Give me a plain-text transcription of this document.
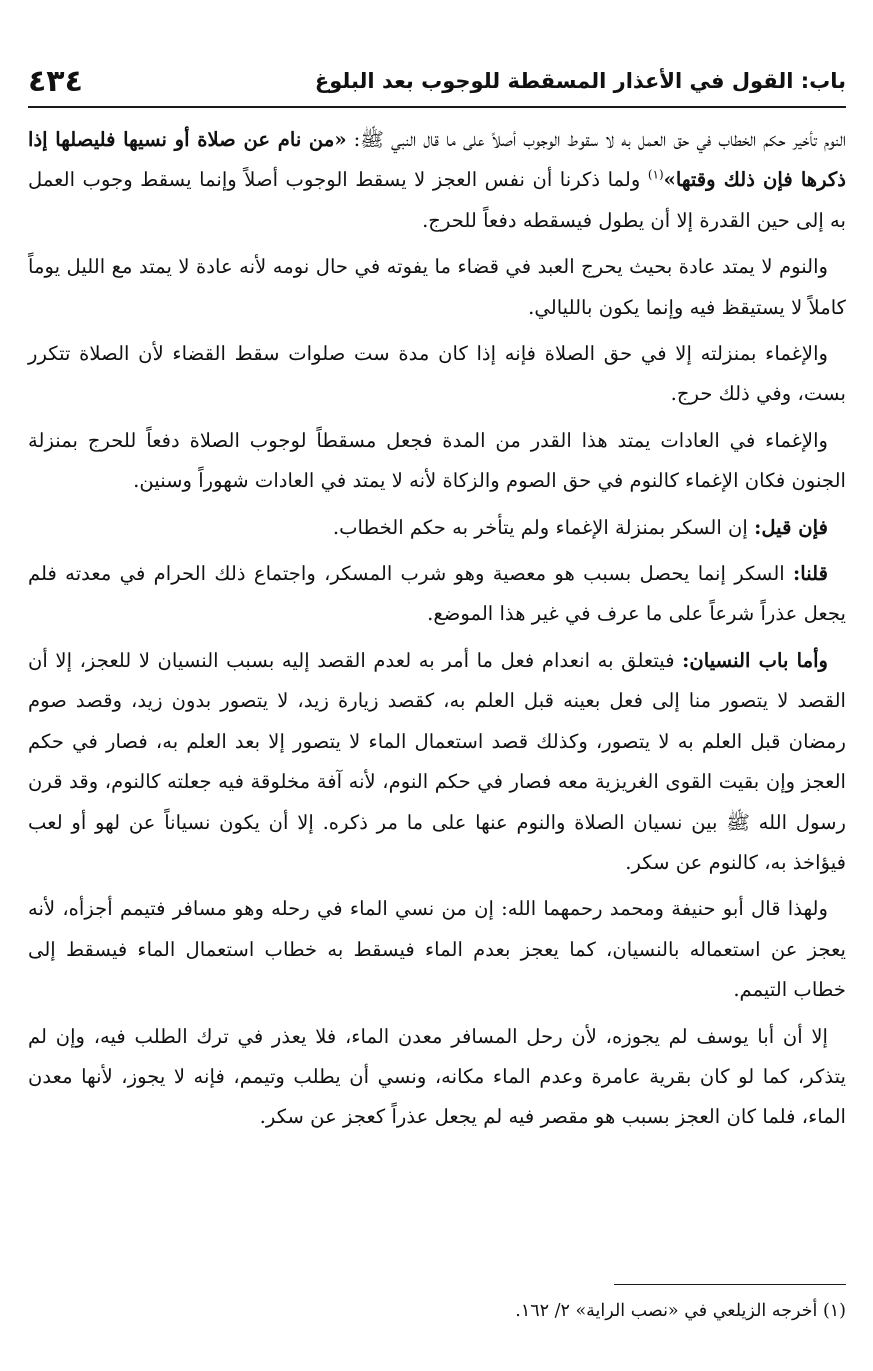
باب: القول في الأعذار المسقطة للوجوب بعد البلوغ
٤٣٤

النوم تأخير حكم الخطاب في حق العمل به لا سقوط الوجوب أصلاً على ما قال النبي ﷺ: «من نام عن صلاة أو نسيها فليصلها إذا ذكرها فإن ذلك وقتها»$^{(١)}$ ولما ذكرنا أن نفس العجز لا يسقط الوجوب أصلاً وإنما يسقط وجوب العمل به إلى حين القدرة إلا أن يطول فيسقطه دفعاً للحرج.

والنوم لا يمتد عادة بحيث يحرج العبد في قضاء ما يفوته في حال نومه لأنه عادة لا يمتد مع الليل يوماً كاملاً لا يستيقظ فيه وإنما يكون بالليالي.

والإغماء بمنزلته إلا في حق الصلاة فإنه إذا كان مدة ست صلوات سقط القضاء لأن الصلاة تتكرر بست، وفي ذلك حرج.

والإغماء في العادات يمتد هذا القدر من المدة فجعل مسقطاً لوجوب الصلاة دفعاً للحرج بمنزلة الجنون فكان الإغماء كالنوم في حق الصوم والزكاة لأنه لا يمتد في العادات شهوراً وسنين.

فإن قيل: إن السكر بمنزلة الإغماء ولم يتأخر به حكم الخطاب.

قلنا: السكر إنما يحصل بسبب هو معصية وهو شرب المسكر، واجتماع ذلك الحرام في معدته فلم يجعل عذراً شرعاً على ما عرف في غير هذا الموضع.

وأما باب النسيان: فيتعلق به انعدام فعل ما أمر به لعدم القصد إليه بسبب النسيان لا للعجز، إلا أن القصد لا يتصور منا إلى فعل بعينه قبل العلم به، كقصد زيارة زيد، لا يتصور بدون زيد، وقصد صوم رمضان قبل العلم به لا يتصور، وكذلك قصد استعمال الماء لا يتصور إلا بعد العلم به، فصار في حكم العجز وإن بقيت القوى الغريزية معه فصار في حكم النوم، لأنه آفة مخلوقة فيه جعلته كالنوم، وقد قرن رسول الله ﷺ بين نسيان الصلاة والنوم عنها على ما مر ذكره. إلا أن يكون نسياناً عن لهو أو لعب فيؤاخذ به، كالنوم عن سكر.

ولهذا قال أبو حنيفة ومحمد رحمهما الله: إن من نسي الماء في رحله وهو مسافر فتيمم أجزأه، لأنه يعجز عن استعماله بالنسيان، كما يعجز بعدم الماء فيسقط به خطاب استعمال الماء فيسقط إلى خطاب التيمم.

إلا أن أبا يوسف لم يجوزه، لأن رحل المسافر معدن الماء، فلا يعذر في ترك الطلب فيه، وإن لم يتذكر، كما لو كان بقرية عامرة وعدم الماء مكانه، ونسي أن يطلب وتيمم، فإنه لا يجوز، لأنها معدن الماء، فلما كان العجز بسبب هو مقصر فيه لم يجعل عذراً كعجز عن سكر.

(١) أخرجه الزيلعي في «نصب الراية» ٢/ ١٦٢.
